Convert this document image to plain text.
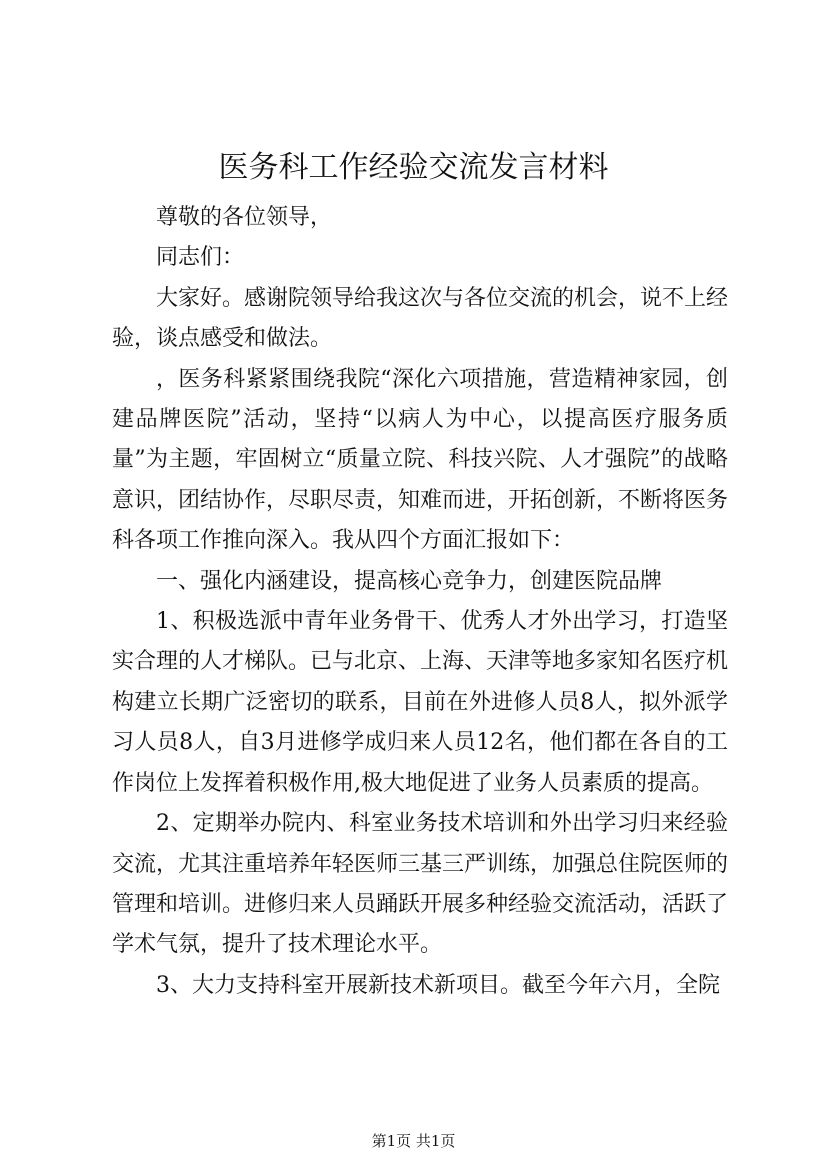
医务科工作经验交流发言材料

尊敬的各位领导，

同志们：

大家好。感谢院领导给我这次与各位交流的机会，说不上经验，谈点感受和做法。

，医务科紧紧围绕我院“深化六项措施，营造精神家园，创建品牌医院”活动，坚持“以病人为中心，以提高医疗服务质量”为主题，牢固树立“质量立院、科技兴院、人才强院”的战略意识，团结协作，尽职尽责，知难而进，开拓创新，不断将医务科各项工作推向深入。我从四个方面汇报如下：

一、强化内涵建设，提高核心竞争力，创建医院品牌

1、积极选派中青年业务骨干、优秀人才外出学习，打造坚实合理的人才梯队。已与北京、上海、天津等地多家知名医疗机构建立长期广泛密切的联系，目前在外进修人员8人，拟外派学习人员8人，自3月进修学成归来人员12名，他们都在各自的工作岗位上发挥着积极作用,极大地促进了业务人员素质的提高。

2、定期举办院内、科室业务技术培训和外出学习归来经验交流，尤其注重培养年轻医师三基三严训练，加强总住院医师的管理和培训。进修归来人员踊跃开展多种经验交流活动，活跃了学术气氛，提升了技术理论水平。

3、大力支持科室开展新技术新项目。截至今年六月，全院

第1页 共1页
